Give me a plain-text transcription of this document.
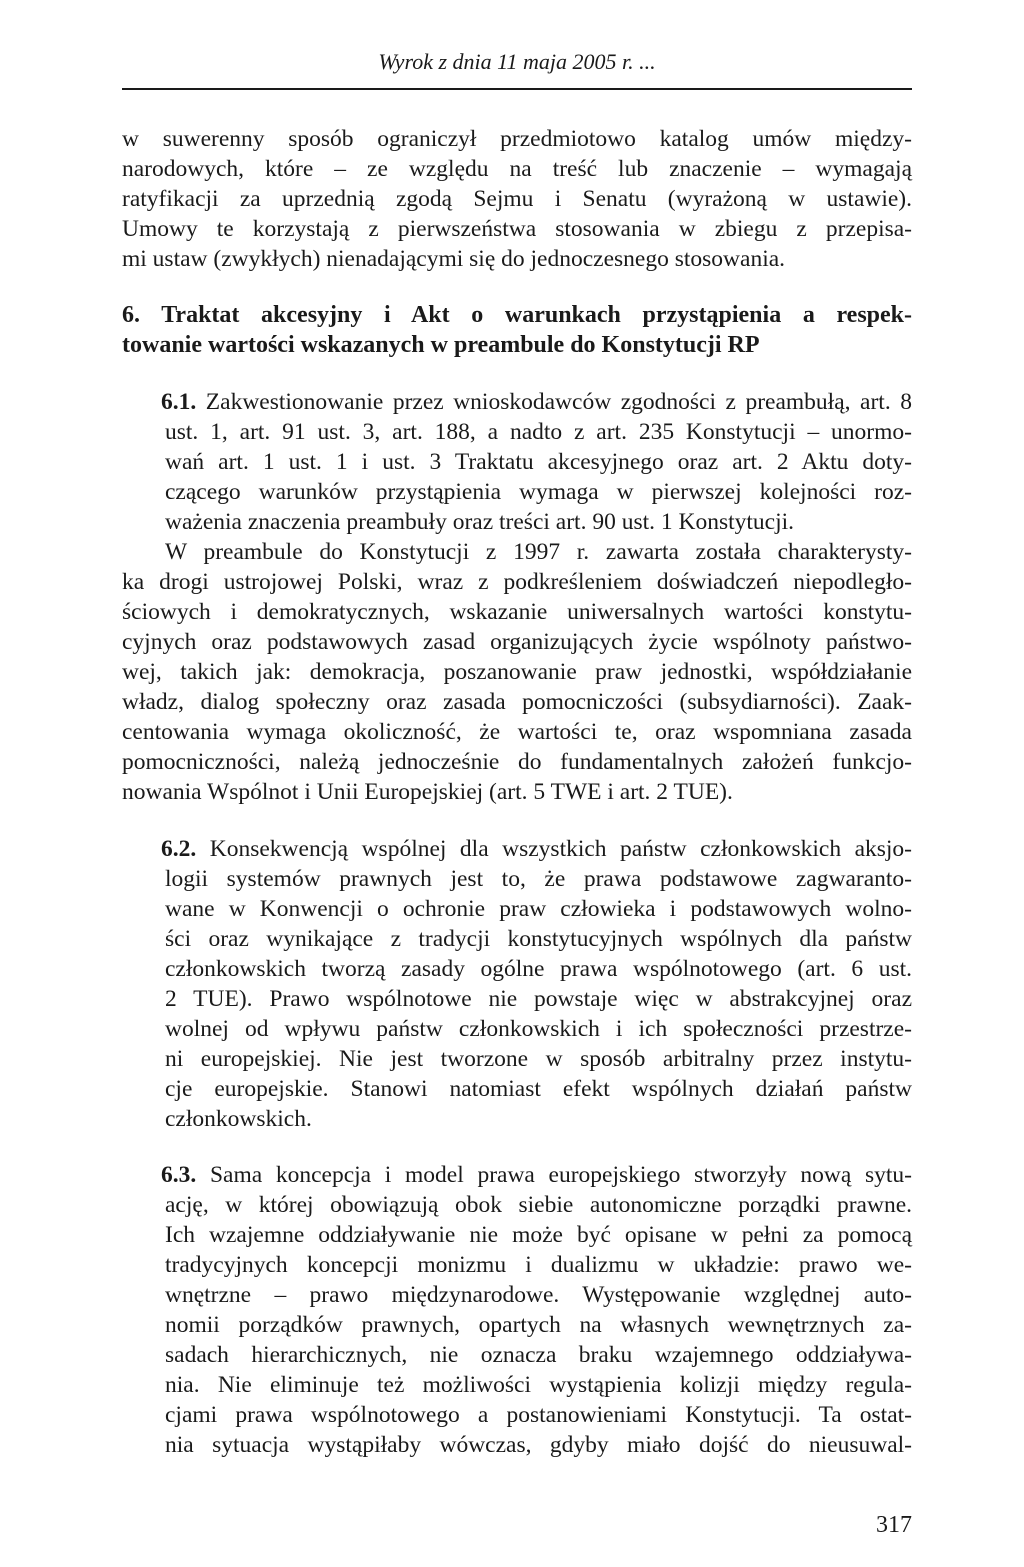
Wyrok z dnia 11 maja 2005 r. ...
w suwerenny sposób ograniczył przedmiotowo katalog umów między-
narodowych, które – ze względu na treść lub znaczenie – wymagają
ratyfikacji za uprzednią zgodą Sejmu i Senatu (wyrażoną w ustawie).
Umowy te korzystają z pierwszeństwa stosowania w zbiegu z przepisa-
mi ustaw (zwykłych) nienadającymi się do jednoczesnego stosowania.
6. Traktat akcesyjny i Akt o warunkach przystąpienia a respek-
towanie wartości wskazanych w preambule do Konstytucji RP
6.1. Zakwestionowanie przez wnioskodawców zgodności z preambułą, art. 8
ust. 1, art. 91 ust. 3, art. 188, a nadto z art. 235 Konstytucji – unormo-
wań art. 1 ust. 1 i ust. 3 Traktatu akcesyjnego oraz art. 2 Aktu doty-
czącego warunków przystąpienia wymaga w pierwszej kolejności roz-
ważenia znaczenia preambuły oraz treści art. 90 ust. 1 Konstytucji.
W preambule do Konstytucji z 1997 r. zawarta została charakterysty-
ka drogi ustrojowej Polski, wraz z podkreśleniem doświadczeń niepodległo-
ściowych i demokratycznych, wskazanie uniwersalnych wartości konstytu-
cyjnych oraz podstawowych zasad organizujących życie wspólnoty państwo-
wej, takich jak: demokracja, poszanowanie praw jednostki, współdziałanie
władz, dialog społeczny oraz zasada pomocniczości (subsydiarności). Zaak-
centowania wymaga okoliczność, że wartości te, oraz wspomniana zasada
pomocniczności, należą jednocześnie do fundamentalnych założeń funkcjo-
nowania Wspólnot i Unii Europejskiej (art. 5 TWE i art. 2 TUE).
6.2. Konsekwencją wspólnej dla wszystkich państw członkowskich aksjo-
logii systemów prawnych jest to, że prawa podstawowe zagwaranto-
wane w Konwencji o ochronie praw człowieka i podstawowych wolno-
ści oraz wynikające z tradycji konstytucyjnych wspólnych dla państw
członkowskich tworzą zasady ogólne prawa wspólnotowego (art. 6 ust.
2 TUE). Prawo wspólnotowe nie powstaje więc w abstrakcyjnej oraz
wolnej od wpływu państw członkowskich i ich społeczności przestrze-
ni europejskiej. Nie jest tworzone w sposób arbitralny przez instytu-
cje europejskie. Stanowi natomiast efekt wspólnych działań państw
członkowskich.
6.3. Sama koncepcja i model prawa europejskiego stworzyły nową sytu-
ację, w której obowiązują obok siebie autonomiczne porządki prawne.
Ich wzajemne oddziaływanie nie może być opisane w pełni za pomocą
tradycyjnych koncepcji monizmu i dualizmu w układzie: prawo we-
wnętrzne – prawo międzynarodowe. Występowanie względnej auto-
nomii porządków prawnych, opartych na własnych wewnętrznych za-
sadach hierarchicznych, nie oznacza braku wzajemnego oddziaływa-
nia. Nie eliminuje też możliwości wystąpienia kolizji między regula-
cjami prawa wspólnotowego a postanowieniami Konstytucji. Ta ostat-
nia sytuacja wystąpiłaby wówczas, gdyby miało dojść do nieusuwal-
317
